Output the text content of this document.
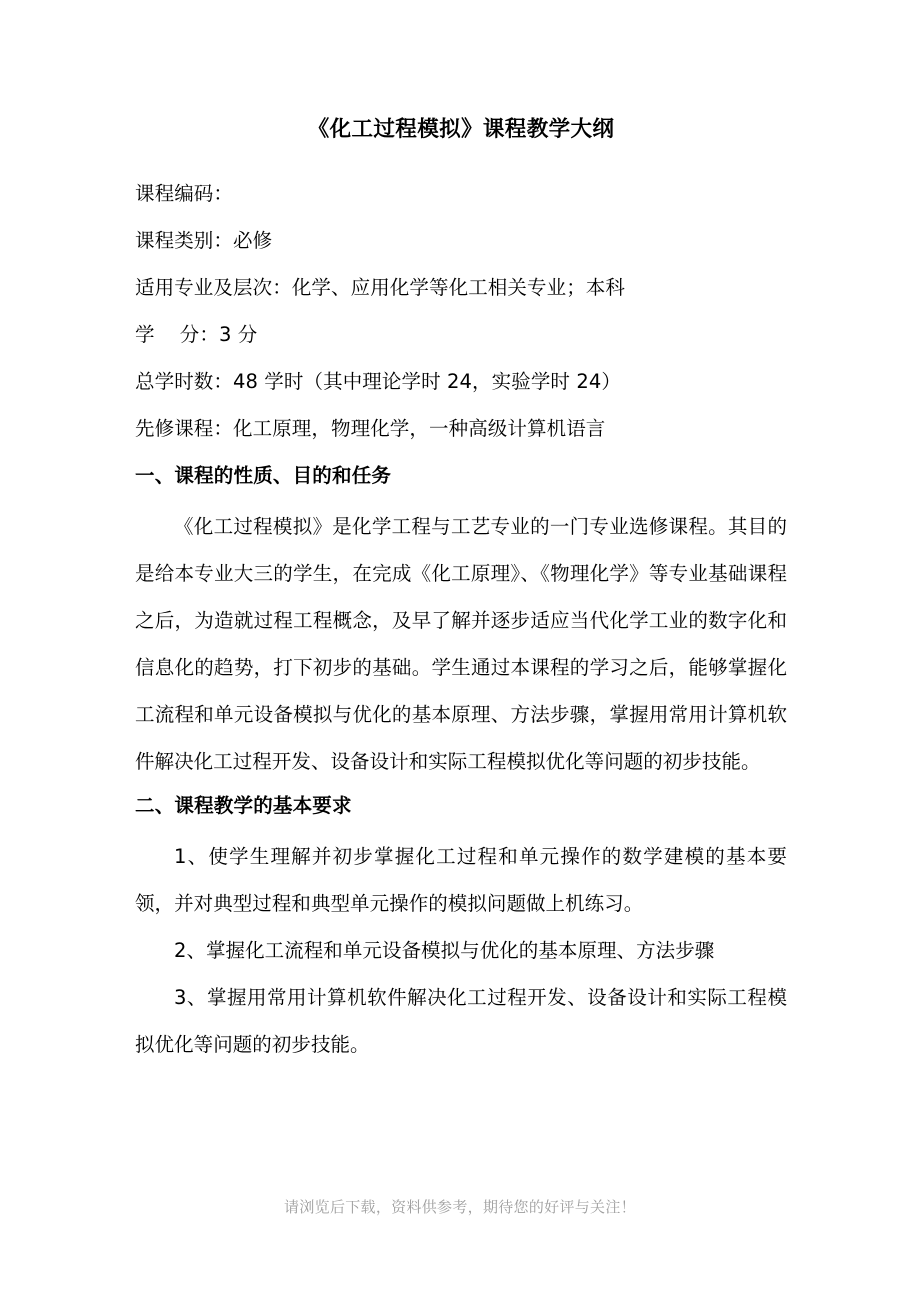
《化工过程模拟》课程教学大纲
课程编码：
课程类别：必修
适用专业及层次：化学、应用化学等化工相关专业；本科
学    分：3 分
总学时数：48 学时（其中理论学时 24，实验学时 24）
先修课程：化工原理，物理化学，一种高级计算机语言
一、课程的性质、目的和任务

《化工过程模拟》是化学工程与工艺专业的一门专业选修课程。其目的是给本专业大三的学生，在完成《化工原理》、《物理化学》等专业基础课程之后，为造就过程工程概念，及早了解并逐步适应当代化学工业的数字化和信息化的趋势，打下初步的基础。学生通过本课程的学习之后，能够掌握化工流程和单元设备模拟与优化的基本原理、方法步骤，掌握用常用计算机软件解决化工过程开发、设备设计和实际工程模拟优化等问题的初步技能。

二、课程教学的基本要求

1、使学生理解并初步掌握化工过程和单元操作的数学建模的基本要领，并对典型过程和典型单元操作的模拟问题做上机练习。

2、掌握化工流程和单元设备模拟与优化的基本原理、方法步骤

3、掌握用常用计算机软件解决化工过程开发、设备设计和实际工程模拟优化等问题的初步技能。

请浏览后下载，资料供参考，期待您的好评与关注！
